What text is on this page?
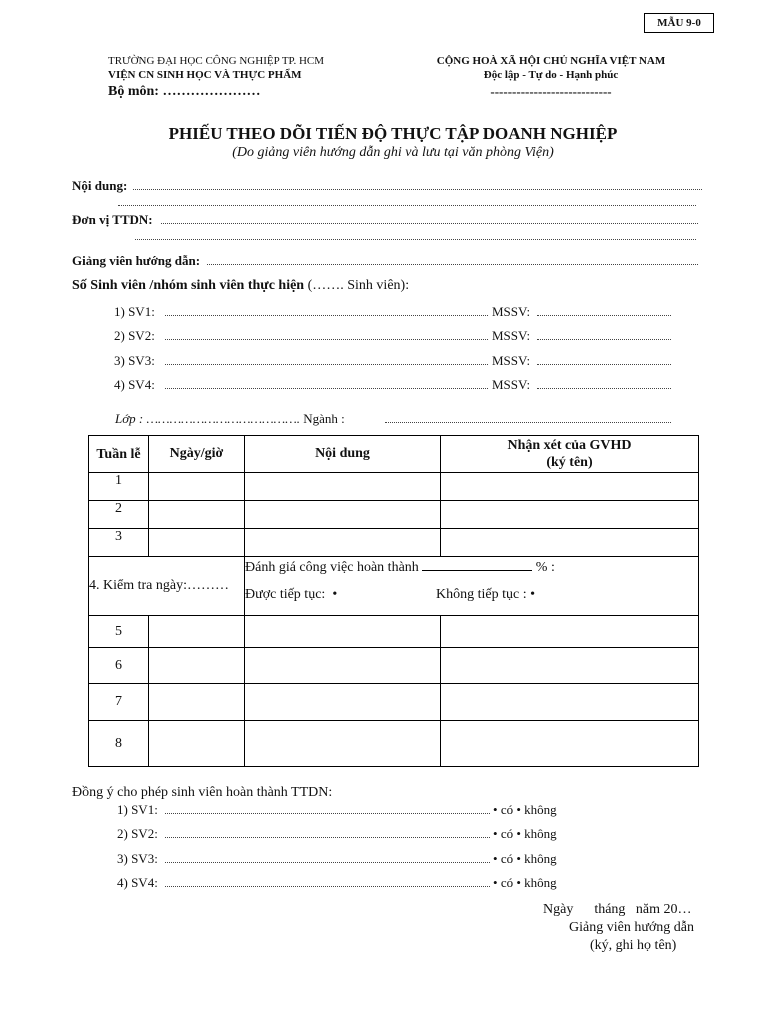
MẪU 9-0
TRƯỜNG ĐẠI HỌC CÔNG NGHIỆP TP. HCM
VIỆN CN SINH HỌC VÀ THỰC PHẨM
Bộ môn: …………………
CỘNG HOÀ XÃ HỘI CHỦ NGHĨA VIỆT NAM
Độc lập - Tự do - Hạnh phúc
----------------------------
PHIẾU THEO DÕI TIẾN ĐỘ THỰC TẬP DOANH NGHIỆP
(Do giảng viên hướng dẫn ghi và lưu tại văn phòng Viện)
Nội dung:
Đơn vị TTDN:
Giảng viên hướng dẫn:
Số Sinh viên /nhóm sinh viên thực hiện (……. Sinh viên):
1) SV1:	MSSV:
2) SV2:	MSSV:
3) SV3:	MSSV:
4) SV4:	MSSV:
Lớp : …………………………………. Ngành :
Tuần lễ	Ngày/giờ	Nội dung	Nhận xét của GVHD
(ký tên)

1			
2			
3			
4. Kiểm tra ngày:………		Đánh giá công việc hoàn thành % :
Được tiếp tục:  • Không tiếp tục : •	

5			
6			
7			
8			
Đồng ý cho phép sinh viên hoàn thành TTDN:
1) SV1:	• có • không
2) SV2:	• có • không
3) SV3:	• có • không
4) SV4:	• có • không
Ngày      tháng   năm 20…
Giảng viên hướng dẫn
(ký, ghi họ tên)
